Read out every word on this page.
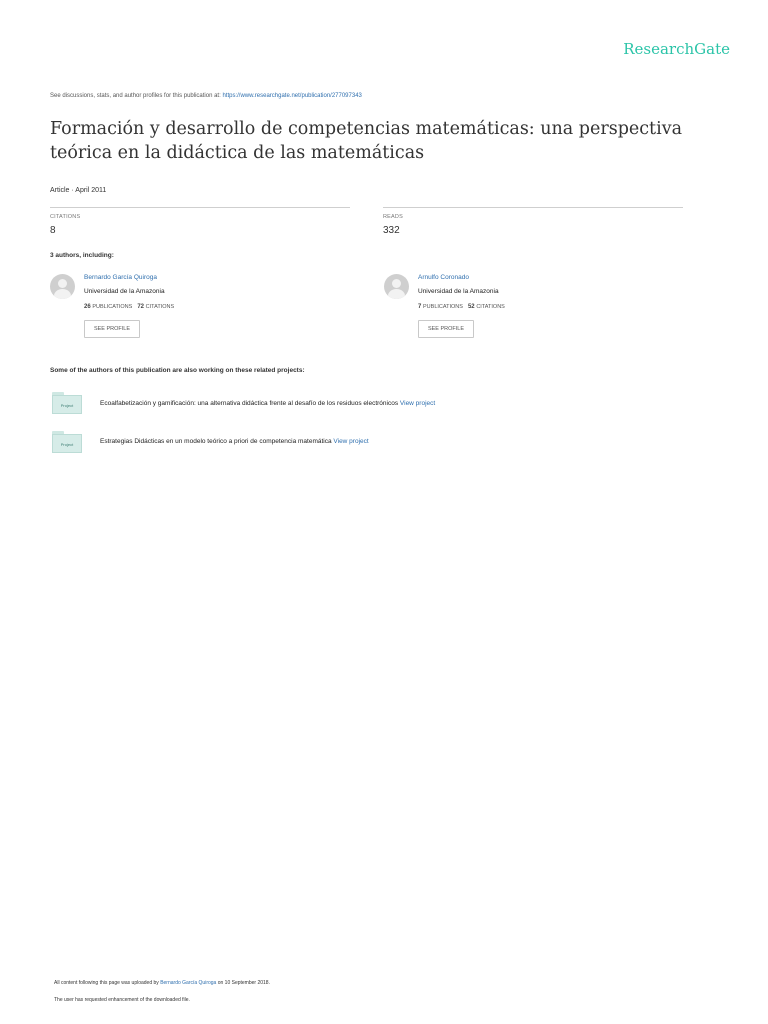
ResearchGate
See discussions, stats, and author profiles for this publication at: https://www.researchgate.net/publication/277097343
Formación y desarrollo de competencias matemáticas: una perspectiva teórica en la didáctica de las matemáticas
Article · April 2011
CITATIONS
8
READS
332
3 authors, including:
Bernardo García Quiroga
Universidad de la Amazonia
26 PUBLICATIONS 72 CITATIONS
SEE PROFILE
Arnulfo Coronado
Universidad de la Amazonia
7 PUBLICATIONS 52 CITATIONS
SEE PROFILE
Some of the authors of this publication are also working on these related projects:
Project	Ecoalfabetización y gamificación: una alternativa didáctica frente al desafío de los residuos electrónicos View project
Project	Estrategias Didácticas en un modelo teórico a priori de competencia matemática View project
All content following this page was uploaded by Bernardo García Quiroga on 10 September 2018.
The user has requested enhancement of the downloaded file.
